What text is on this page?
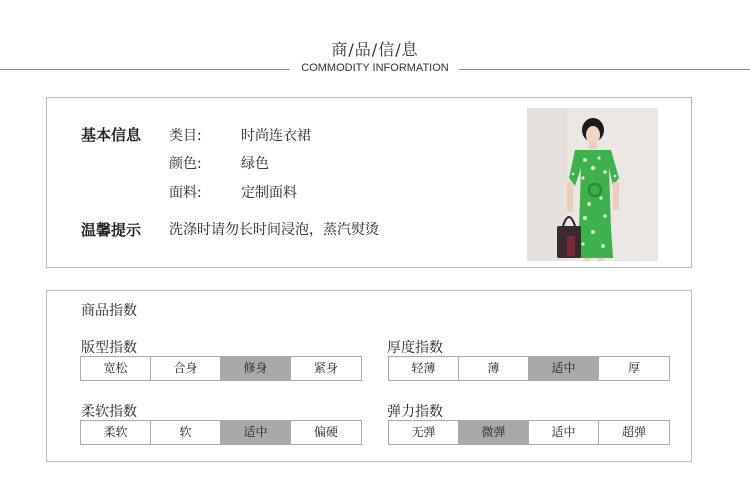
商/品/信/息
COMMODITY INFORMATION
基本信息 类目:	时尚连衣裙
颜色:	绿色
面料:	定制面料
温馨提示 洗涤时请勿长时间浸泡，蒸汽熨烫
商品指数
版型指数
宽松	合身	修身	紧身
厚度指数
轻薄	薄	适中	厚
柔软指数
柔软	软	适中	偏硬
弹力指数
无弹	微弹	适中	超弹
